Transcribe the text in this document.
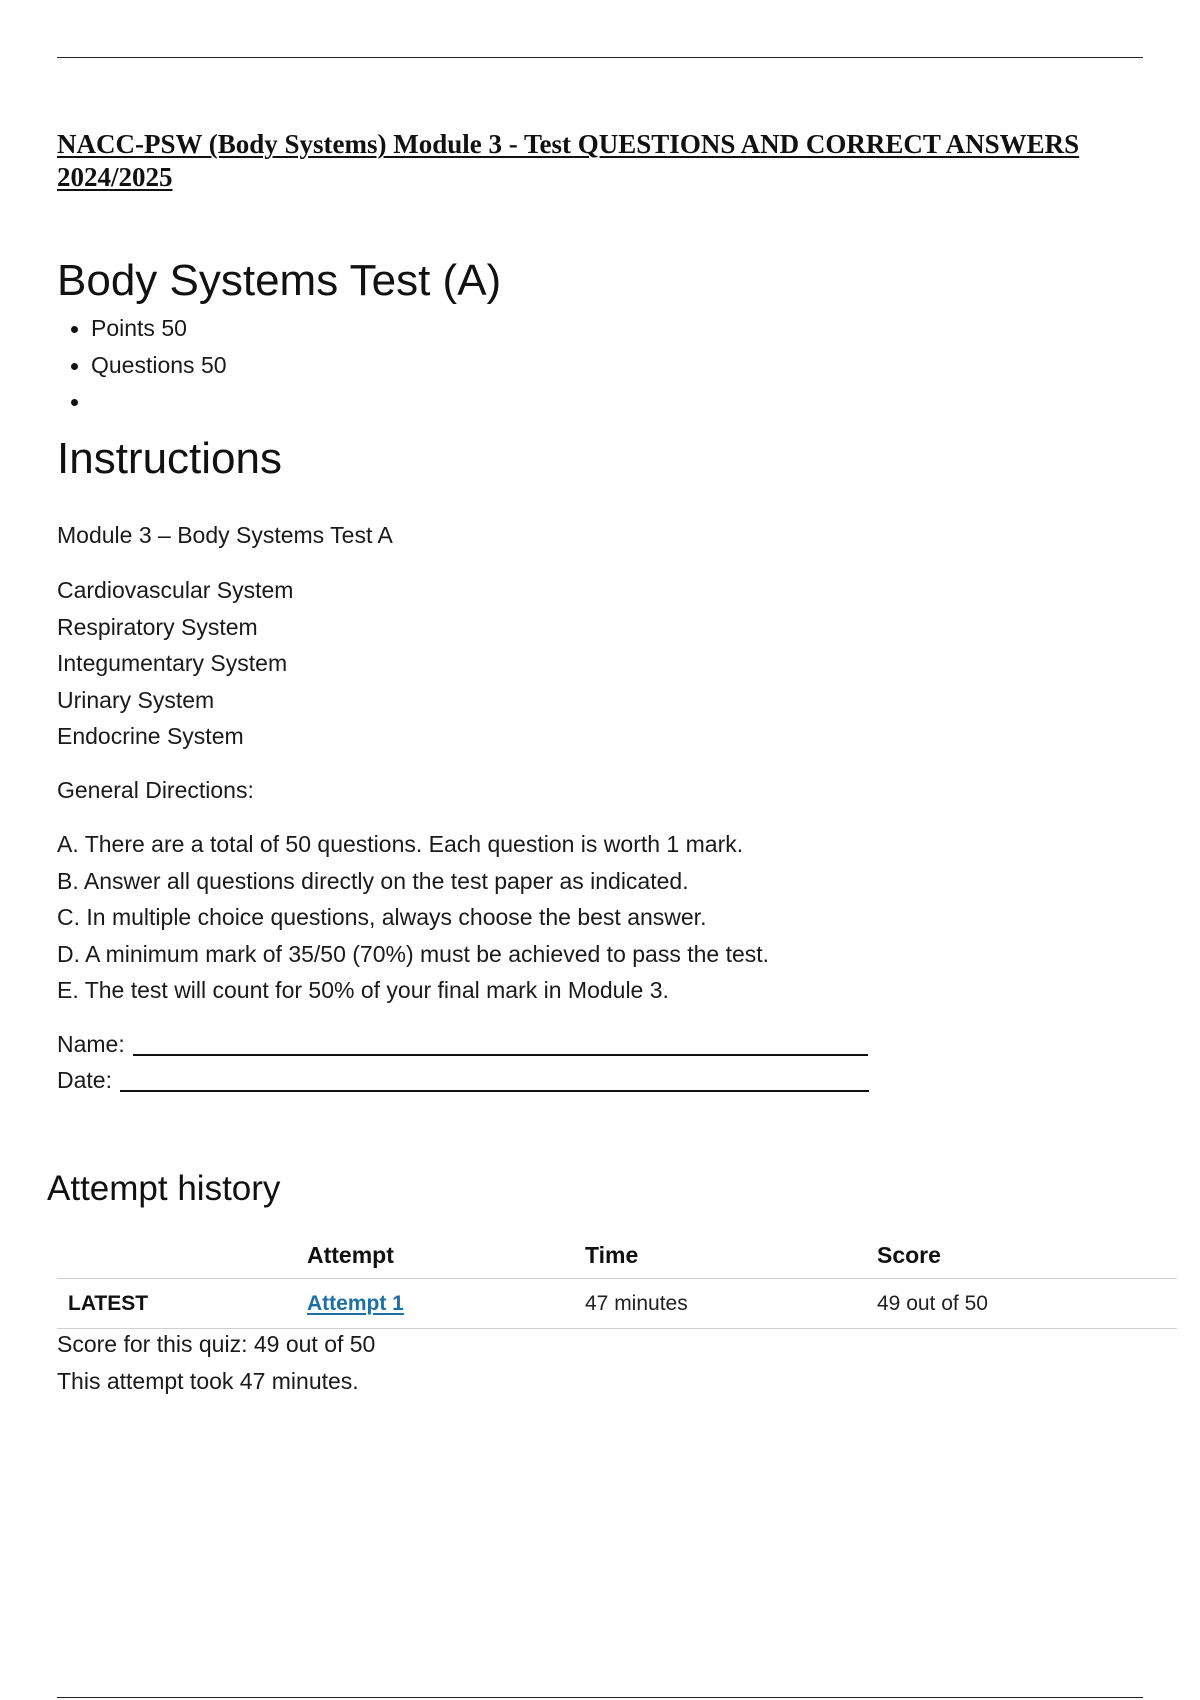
NACC-PSW (Body Systems) Module 3 - Test QUESTIONS AND CORRECT ANSWERS 2024/2025
Body Systems Test (A)
Points 50
Questions 50
Instructions
Module 3 – Body Systems Test A
Cardiovascular System
Respiratory System
Integumentary System
Urinary System
Endocrine System
General Directions:
A. There are a total of 50 questions. Each question is worth 1 mark.
B. Answer all questions directly on the test paper as indicated.
C. In multiple choice questions, always choose the best answer.
D. A minimum mark of 35/50 (70%) must be achieved to pass the test.
E. The test will count for 50% of your final mark in Module 3.
Name:
Date:
Attempt history
	Attempt	Time	Score
LATEST	Attempt 1	47 minutes	49 out of 50
Score for this quiz: 49 out of 50
This attempt took 47 minutes.
